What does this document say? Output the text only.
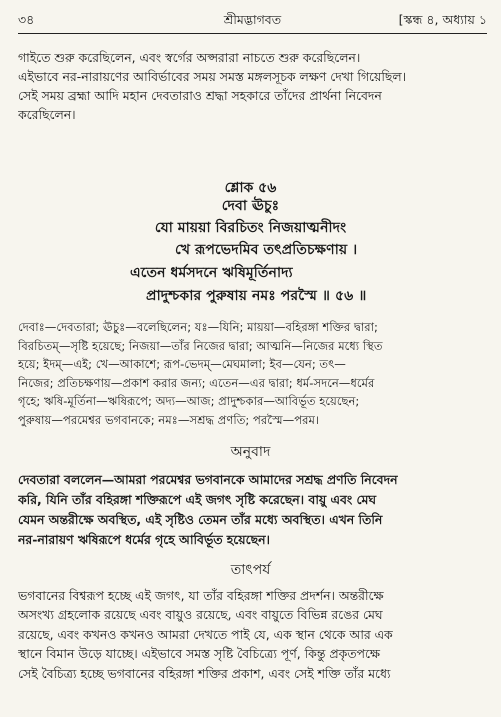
৩৪	শ্রীমদ্ভাগবত	[স্কন্ধ ৪, অধ্যায় ১
গাইতে শুরু করেছিলেন, এবং স্বর্গের অপ্সরারা নাচতে শুরু করেছিলেন।
এইভাবে নর-নারায়ণের আবির্ভাবের সময় সমস্ত মঙ্গলসূচক লক্ষণ দেখা গিয়েছিল।
সেই সময় ব্রহ্মা আদি মহান দেবতারাও শ্রদ্ধা সহকারে তাঁদের প্রার্থনা নিবেদন
করেছিলেন।
শ্লোক ৫৬
দেবা ঊচুঃ
যো মায়য়া বিরচিতং নিজয়াত্মনীদং
খে রূপভেদমিব তৎপ্রতিচক্ষণায় ।
এতেন ধর্মসদনে ঋষিমূর্তিনাদ্য
প্রাদুশ্চকার পুরুষায় নমঃ পরস্মৈ ॥ ৫৬ ॥
দেবাঃ—দেবতারা; ঊচুঃ—বলেছিলেন; যঃ—যিনি; মায়য়া—বহিরঙ্গা শক্তির দ্বারা;
বিরচিতম্—সৃষ্টি হয়েছে; নিজয়া—তাঁর নিজের দ্বারা; আত্মনি—নিজের মধ্যে স্থিত
হয়ে; ইদম্—এই; খে—আকাশে; রূপ-ভেদম্—মেঘমালা; ইব—যেন; তৎ—
নিজের; প্রতিচক্ষণায়—প্রকাশ করার জন্য; এতেন—এর দ্বারা; ধর্ম-সদনে—ধর্মের
গৃহে; ঋষি-মূর্তিনা—ঋষিরূপে; অদ্য—আজ; প্রাদুশ্চকার—আবির্ভূত হয়েছেন;
পুরুষায়—পরমেশ্বর ভগবানকে; নমঃ—সশ্রদ্ধ প্রণতি; পরস্মৈ—পরম।
অনুবাদ
দেবতারা বললেন—আমরা পরমেশ্বর ভগবানকে আমাদের সশ্রদ্ধ প্রণতি নিবেদন
করি, যিনি তাঁর বহিরঙ্গা শক্তিরূপে এই জগৎ সৃষ্টি করেছেন। বায়ু এবং মেঘ
যেমন অন্তরীক্ষে অবস্থিত, এই সৃষ্টিও তেমন তাঁর মধ্যে অবস্থিত। এখন তিনি
নর-নারায়ণ ঋষিরূপে ধর্মের গৃহে আবির্ভূত হয়েছেন।
তাৎপর্য
ভগবানের বিশ্বরূপ হচ্ছে এই জগৎ, যা তাঁর বহিরঙ্গা শক্তির প্রদর্শন। অন্তরীক্ষে
অসংখ্য গ্রহলোক রয়েছে এবং বায়ুও রয়েছে, এবং বায়ুতে বিভিন্ন রঙের মেঘ
রয়েছে, এবং কখনও কখনও আমরা দেখতে পাই যে, এক স্থান থেকে আর এক
স্থানে বিমান উড়ে যাচ্ছে। এইভাবে সমস্ত সৃষ্টি বৈচিত্র্যে পূর্ণ, কিন্তু প্রকৃতপক্ষে
সেই বৈচিত্র্য হচ্ছে ভগবানের বহিরঙ্গা শক্তির প্রকাশ, এবং সেই শক্তি তাঁর মধ্যে
